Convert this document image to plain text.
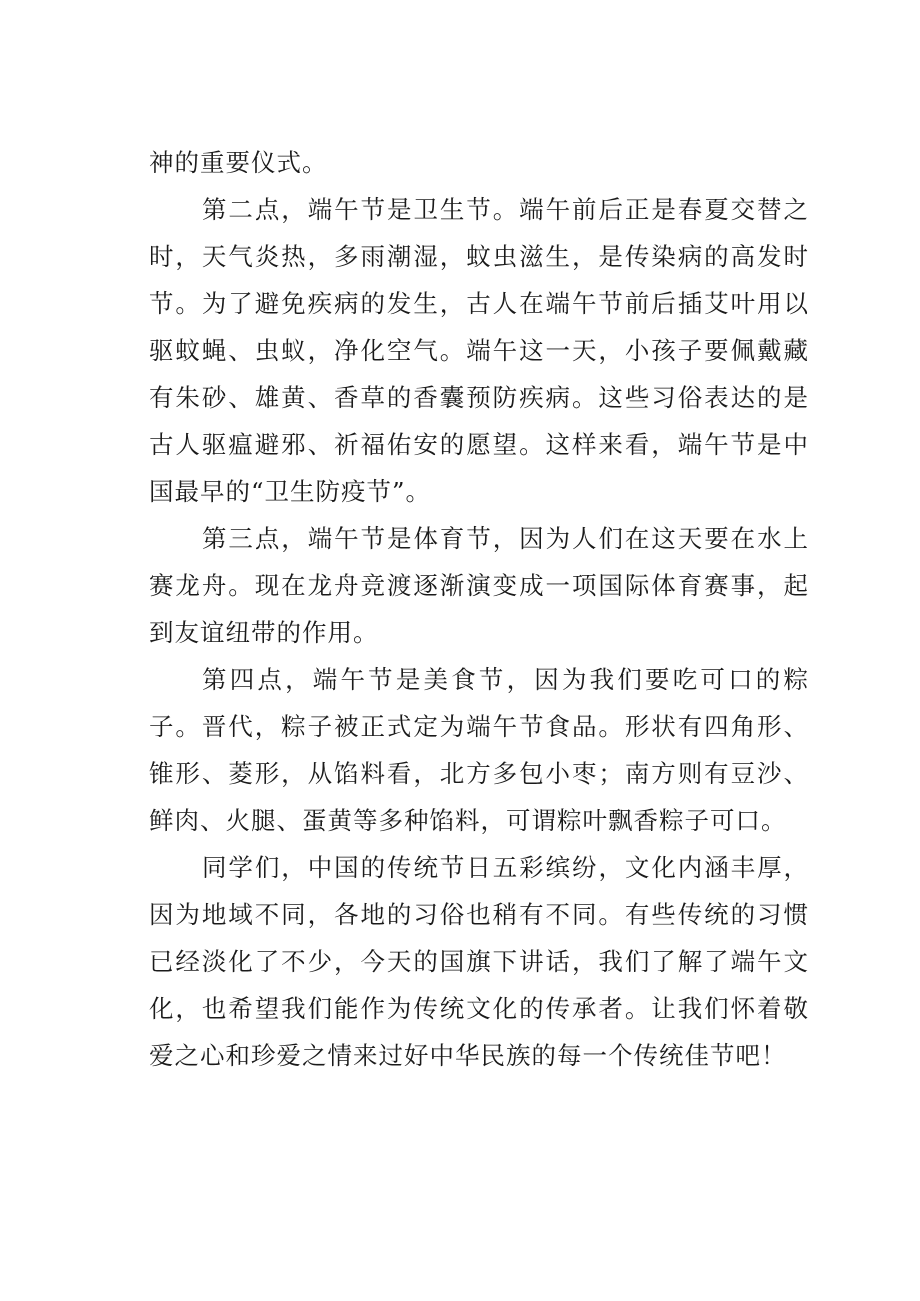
神的重要仪式。

第二点，端午节是卫生节。端午前后正是春夏交替之时，天气炎热，多雨潮湿，蚊虫滋生，是传染病的高发时节。为了避免疾病的发生，古人在端午节前后插艾叶用以驱蚊蝇、虫蚁，净化空气。端午这一天，小孩子要佩戴藏有朱砂、雄黄、香草的香囊预防疾病。这些习俗表达的是古人驱瘟避邪、祈福佑安的愿望。这样来看，端午节是中国最早的“卫生防疫节”。

第三点，端午节是体育节，因为人们在这天要在水上赛龙舟。现在龙舟竞渡逐渐演变成一项国际体育赛事，起到友谊纽带的作用。

第四点，端午节是美食节，因为我们要吃可口的粽子。晋代，粽子被正式定为端午节食品。形状有四角形、锥形、菱形，从馅料看，北方多包小枣；南方则有豆沙、鲜肉、火腿、蛋黄等多种馅料，可谓粽叶飘香粽子可口。

同学们，中国的传统节日五彩缤纷，文化内涵丰厚，因为地域不同，各地的习俗也稍有不同。有些传统的习惯已经淡化了不少，今天的国旗下讲话，我们了解了端午文化，也希望我们能作为传统文化的传承者。让我们怀着敬爱之心和珍爱之情来过好中华民族的每一个传统佳节吧！
